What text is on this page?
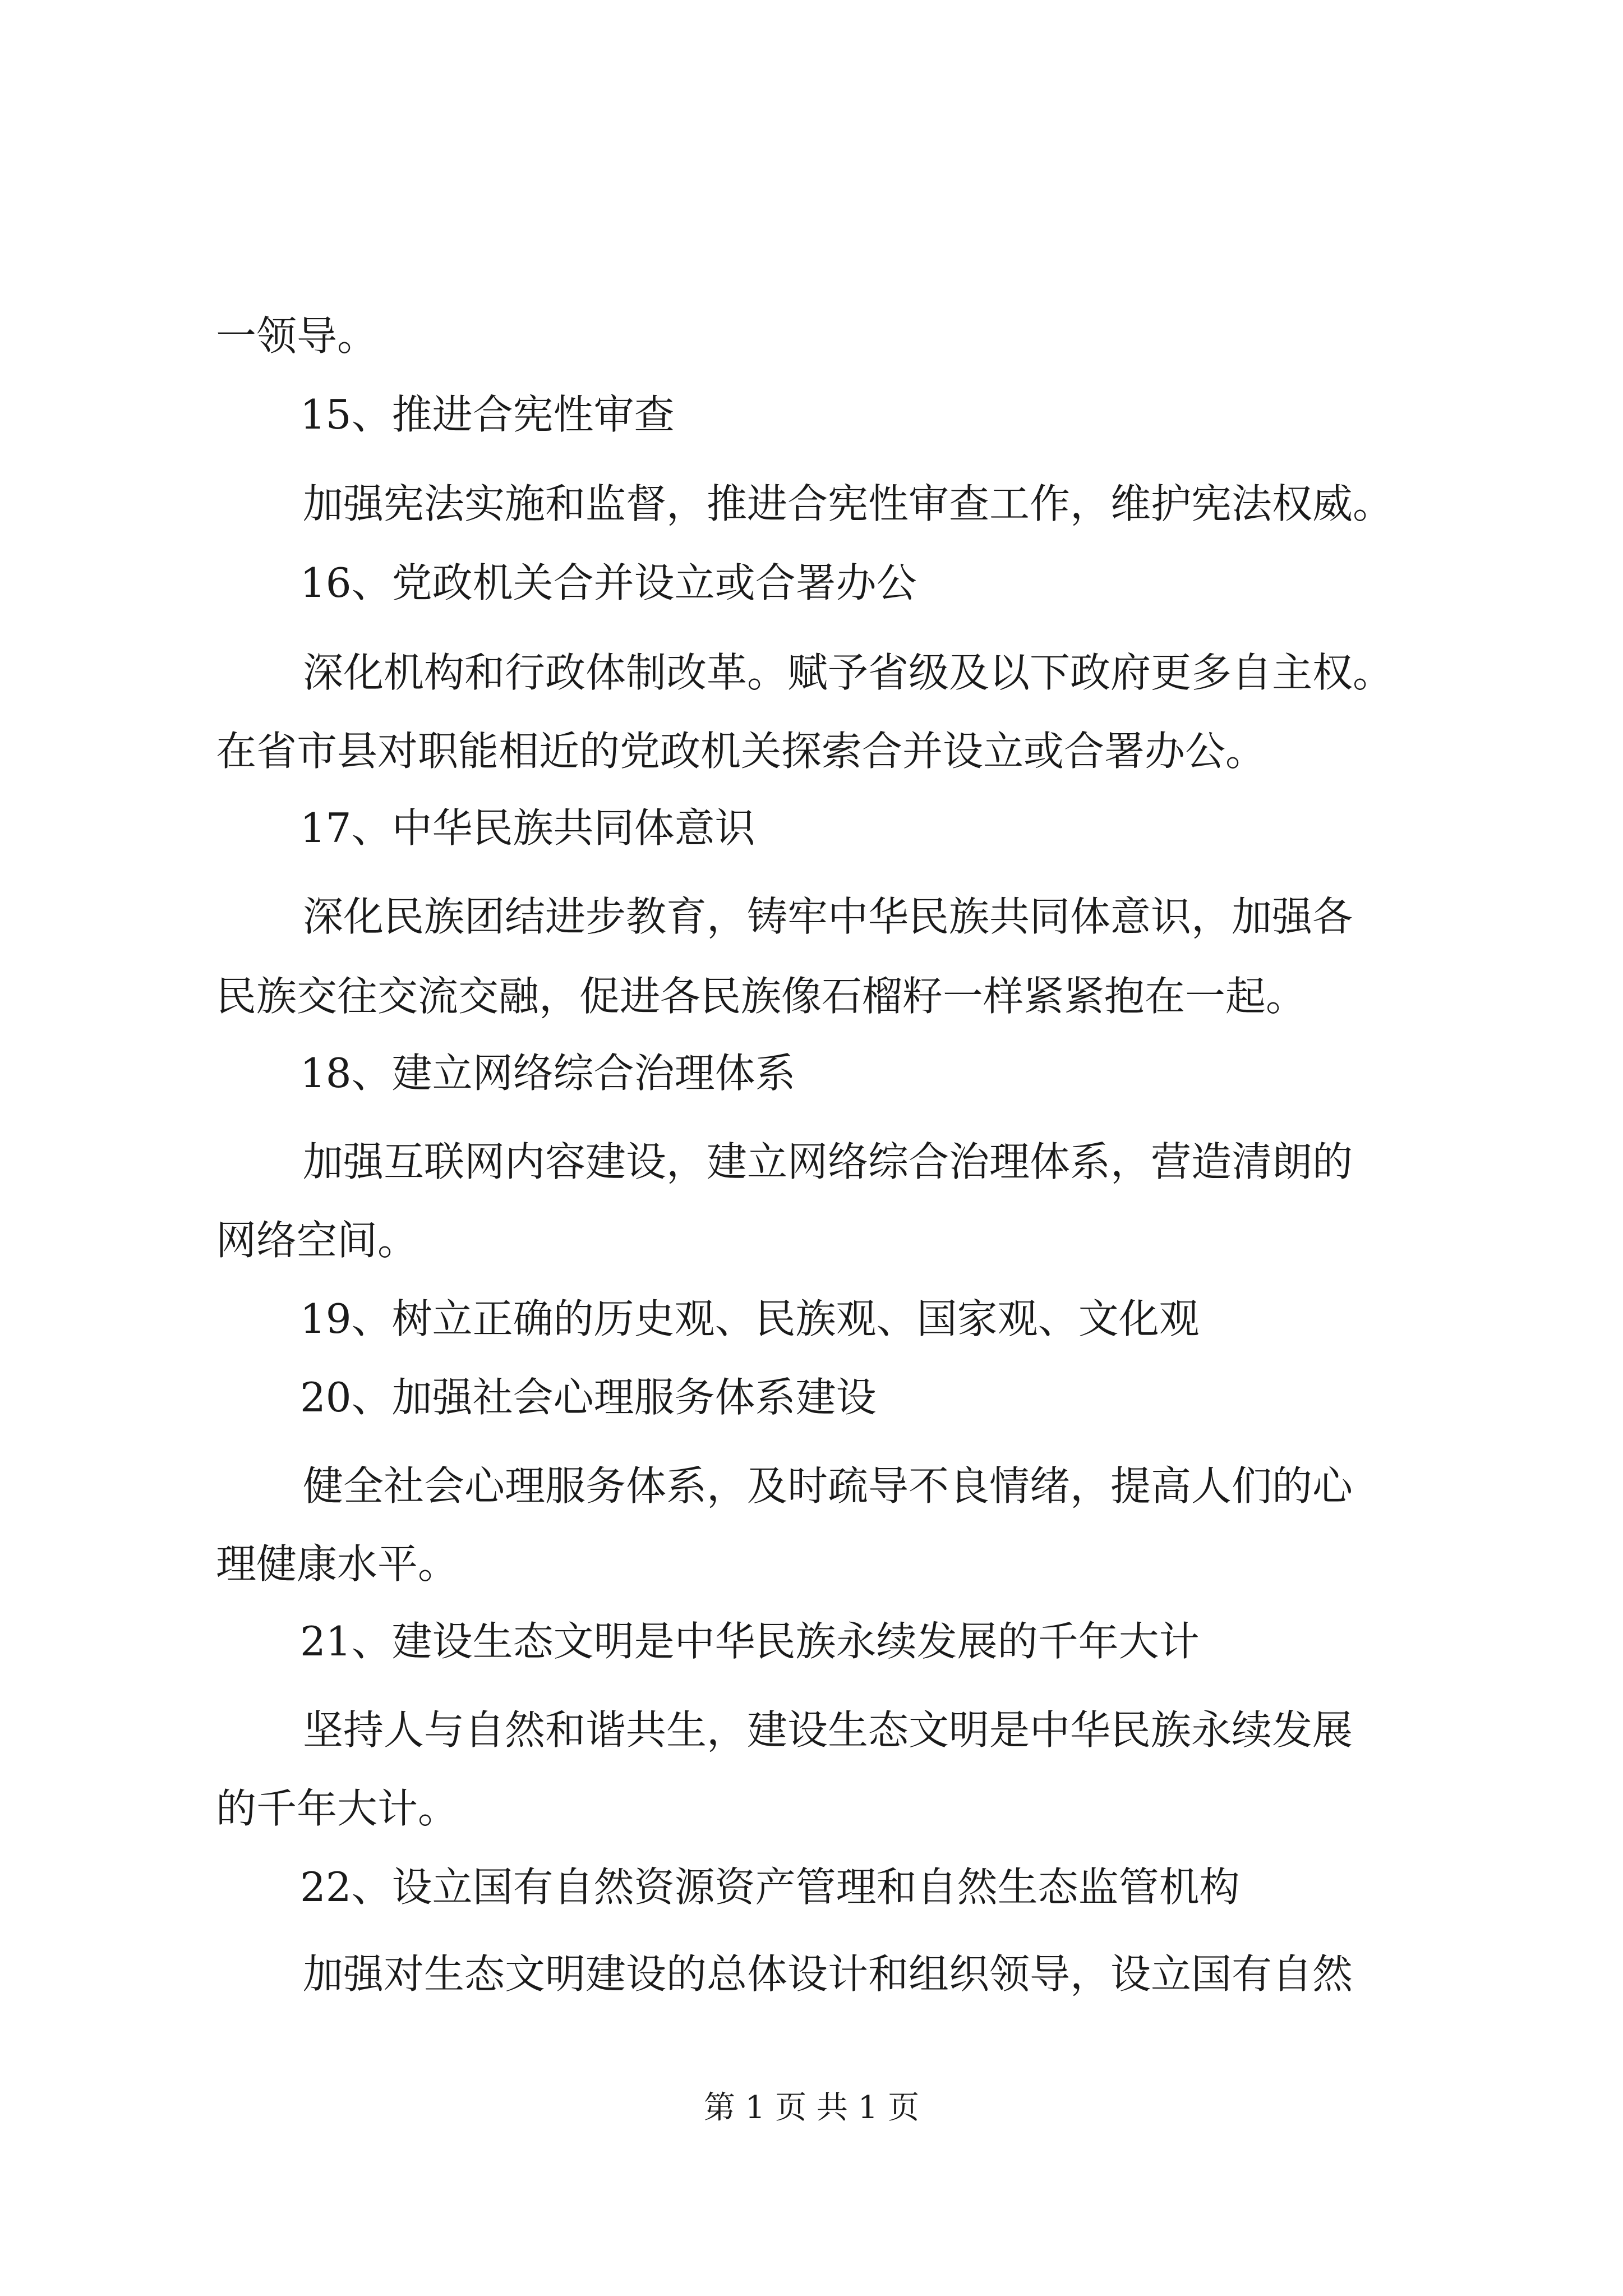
一领导。
15、推进合宪性审查
加强宪法实施和监督，推进合宪性审查工作，维护宪法权威。
16、党政机关合并设立或合署办公
深化机构和行政体制改革。赋予省级及以下政府更多自主权。
在省市县对职能相近的党政机关探索合并设立或合署办公。
17、中华民族共同体意识
深化民族团结进步教育，铸牢中华民族共同体意识，加强各
民族交往交流交融，促进各民族像石榴籽一样紧紧抱在一起。
18、建立网络综合治理体系
加强互联网内容建设，建立网络综合治理体系，营造清朗的
网络空间。
19、树立正确的历史观、民族观、国家观、文化观
20、加强社会心理服务体系建设
健全社会心理服务体系，及时疏导不良情绪，提高人们的心
理健康水平。
21、建设生态文明是中华民族永续发展的千年大计
坚持人与自然和谐共生，建设生态文明是中华民族永续发展
的千年大计。
22、设立国有自然资源资产管理和自然生态监管机构
加强对生态文明建设的总体设计和组织领导，设立国有自然
第 1 页 共 1 页
